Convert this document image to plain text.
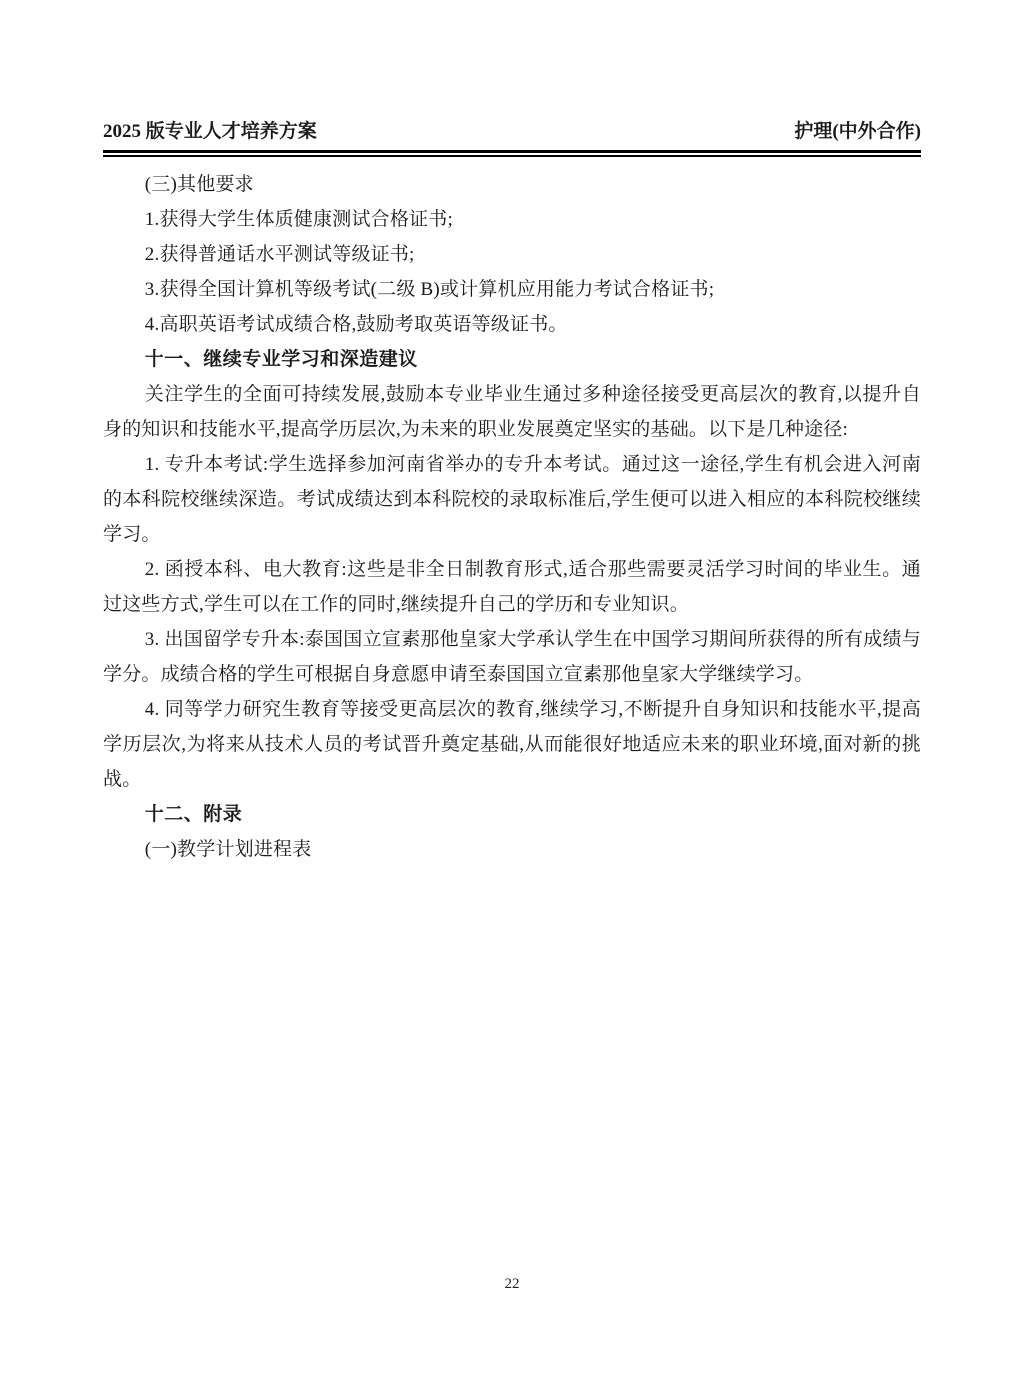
2025 版专业人才培养方案	护理(中外合作)

(三)其他要求

1.获得大学生体质健康测试合格证书;

2.获得普通话水平测试等级证书;

3.获得全国计算机等级考试(二级 B)或计算机应用能力考试合格证书;

4.高职英语考试成绩合格,鼓励考取英语等级证书。

十一、继续专业学习和深造建议

关注学生的全面可持续发展,鼓励本专业毕业生通过多种途径接受更高层次的教育,以提升自身的知识和技能水平,提高学历层次,为未来的职业发展奠定坚实的基础。以下是几种途径:

1. 专升本考试:学生选择参加河南省举办的专升本考试。通过这一途径,学生有机会进入河南的本科院校继续深造。考试成绩达到本科院校的录取标准后,学生便可以进入相应的本科院校继续学习。

2. 函授本科、电大教育:这些是非全日制教育形式,适合那些需要灵活学习时间的毕业生。通过这些方式,学生可以在工作的同时,继续提升自己的学历和专业知识。

3. 出国留学专升本:泰国国立宣素那他皇家大学承认学生在中国学习期间所获得的所有成绩与学分。成绩合格的学生可根据自身意愿申请至泰国国立宣素那他皇家大学继续学习。

4. 同等学力研究生教育等接受更高层次的教育,继续学习,不断提升自身知识和技能水平,提高学历层次,为将来从技术人员的考试晋升奠定基础,从而能很好地适应未来的职业环境,面对新的挑战。

十二、附录

(一)教学计划进程表

22
